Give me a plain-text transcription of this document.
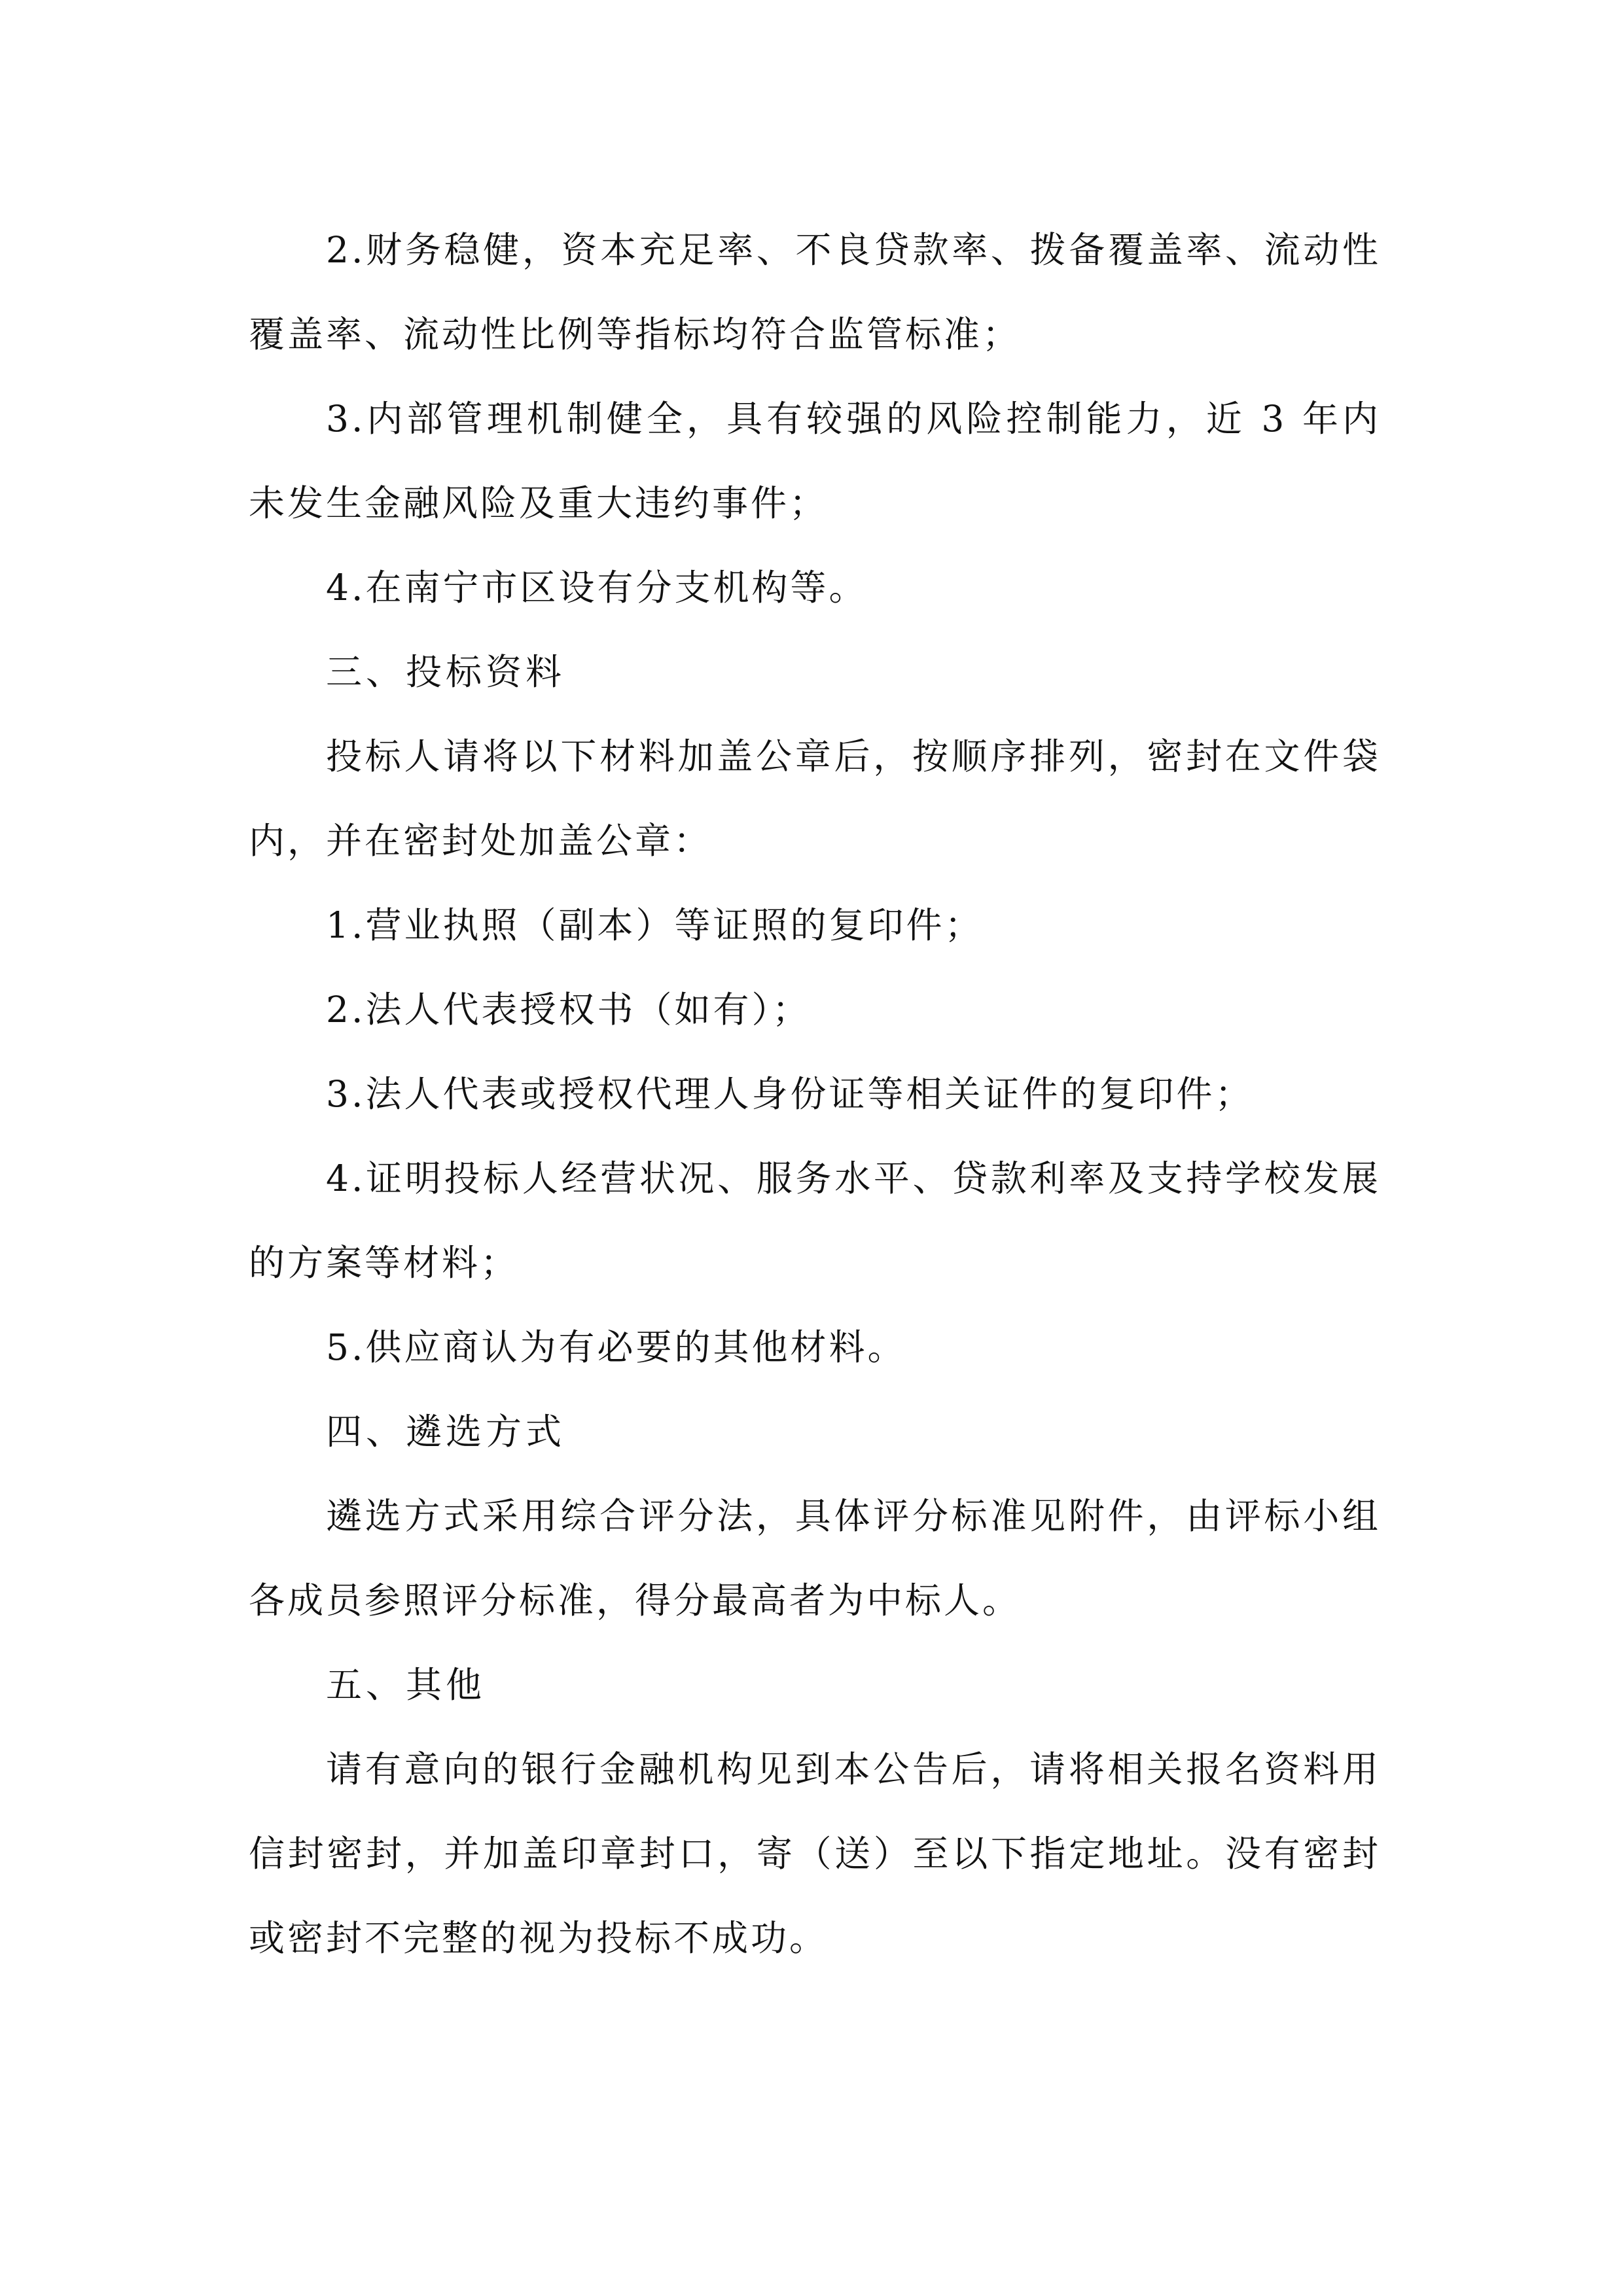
2.财务稳健，资本充足率、不良贷款率、拨备覆盖率、流动性覆盖率、流动性比例等指标均符合监管标准；

3.内部管理机制健全，具有较强的风险控制能力，近 3 年内未发生金融风险及重大违约事件；

4.在南宁市区设有分支机构等。

三、投标资料

投标人请将以下材料加盖公章后，按顺序排列，密封在文件袋内，并在密封处加盖公章：

1.营业执照（副本）等证照的复印件；

2.法人代表授权书（如有）；

3.法人代表或授权代理人身份证等相关证件的复印件；

4.证明投标人经营状况、服务水平、贷款利率及支持学校发展的方案等材料；

5.供应商认为有必要的其他材料。

四、遴选方式

遴选方式采用综合评分法，具体评分标准见附件，由评标小组各成员参照评分标准，得分最高者为中标人。

五、其他

请有意向的银行金融机构见到本公告后，请将相关报名资料用信封密封，并加盖印章封口，寄（送）至以下指定地址。没有密封或密封不完整的视为投标不成功。
